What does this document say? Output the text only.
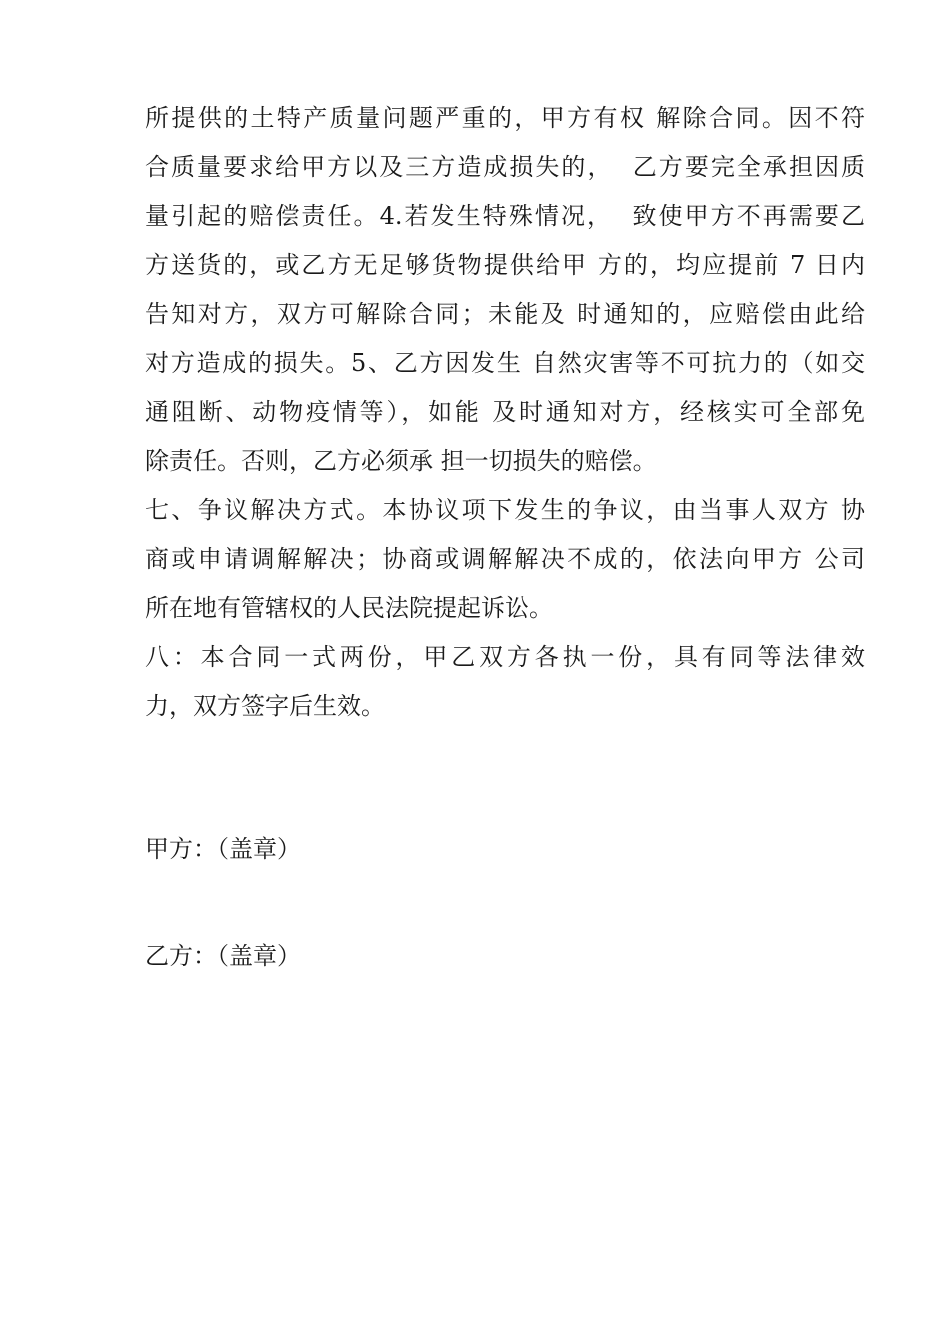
所提供的土特产质量问题严重的，甲方有权 解除合同。因不符
合质量要求给甲方以及三方造成损失的，  乙方要完全承担因质
量引起的赔偿责任。4.若发生特殊情况，  致使甲方不再需要乙
方送货的，或乙方无足够货物提供给甲 方的，均应提前 7 日内
告知对方，双方可解除合同；未能及 时通知的，应赔偿由此给
对方造成的损失。5、乙方因发生 自然灾害等不可抗力的（如交
通阻断、动物疫情等），如能 及时通知对方，经核实可全部免
除责任。否则，乙方必须承 担一切损失的赔偿。
七、争议解决方式。本协议项下发生的争议，由当事人双方 协
商或申请调解解决；协商或调解解决不成的，依法向甲方 公司
所在地有管辖权的人民法院提起诉讼。
八：本合同一式两份，甲乙双方各执一份，具有同等法律效
力，双方签字后生效。
甲方：（盖章）
乙方：（盖章）
